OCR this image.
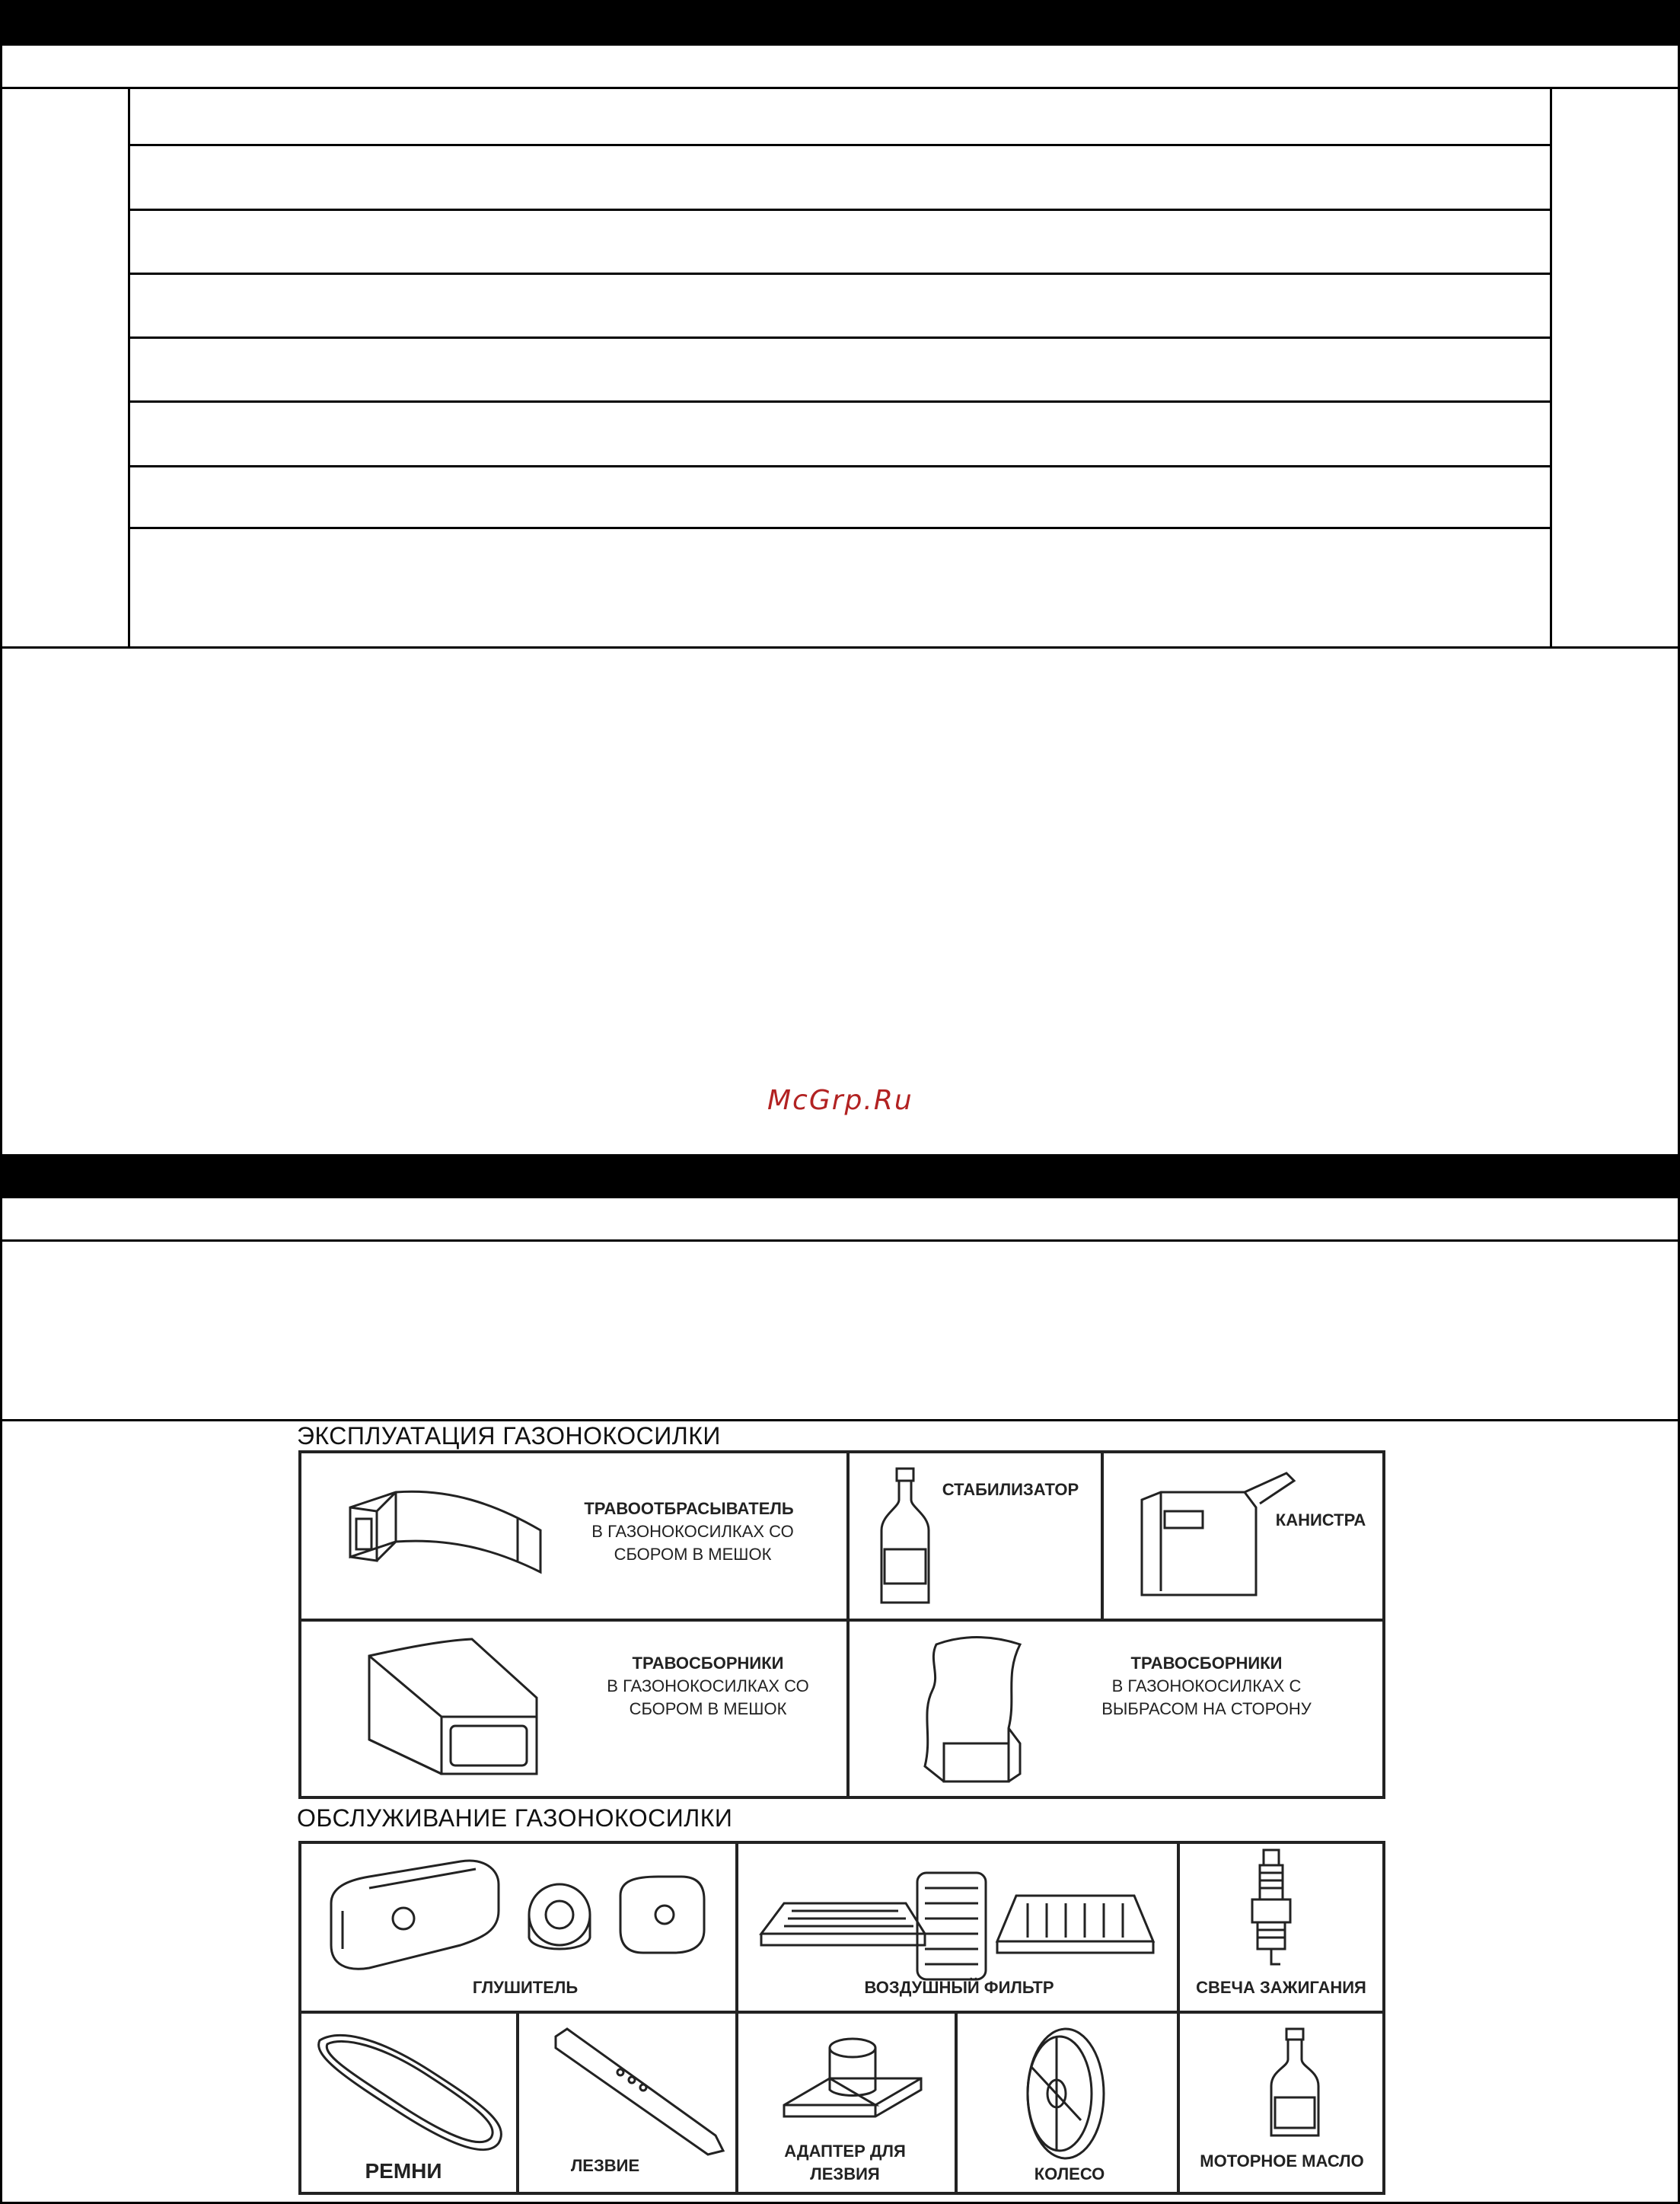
McGrp.Ru
ЭКСПЛУАТАЦИЯ ГАЗОНОКОСИЛКИ
ТРАВООТБРАСЫВАТЕЛЬ
В ГАЗОНОКОСИЛКАХ СО СБОРОМ В МЕШОК
СТАБИЛИЗАТОР
КАНИСТРА
ТРАВОСБОРНИКИ
В ГАЗОНОКОСИЛКАХ СО СБОРОМ В МЕШОК
ТРАВОСБОРНИКИ
В ГАЗОНОКОСИЛКАХ С ВЫБРАСОМ НА СТОРОНУ
ОБСЛУЖИВАНИЕ ГАЗОНОКОСИЛКИ
ГЛУШИТЕЛЬ	ВОЗДУШНЫЙ ФИЛЬТР	СВЕЧА ЗАЖИГАНИЯ
РЕМНИ	ЛЕЗВИЕ
АДАПТЕР ДЛЯ ЛЕЗВИЯ	КОЛЕСО
МОТОРНОЕ МАСЛО
